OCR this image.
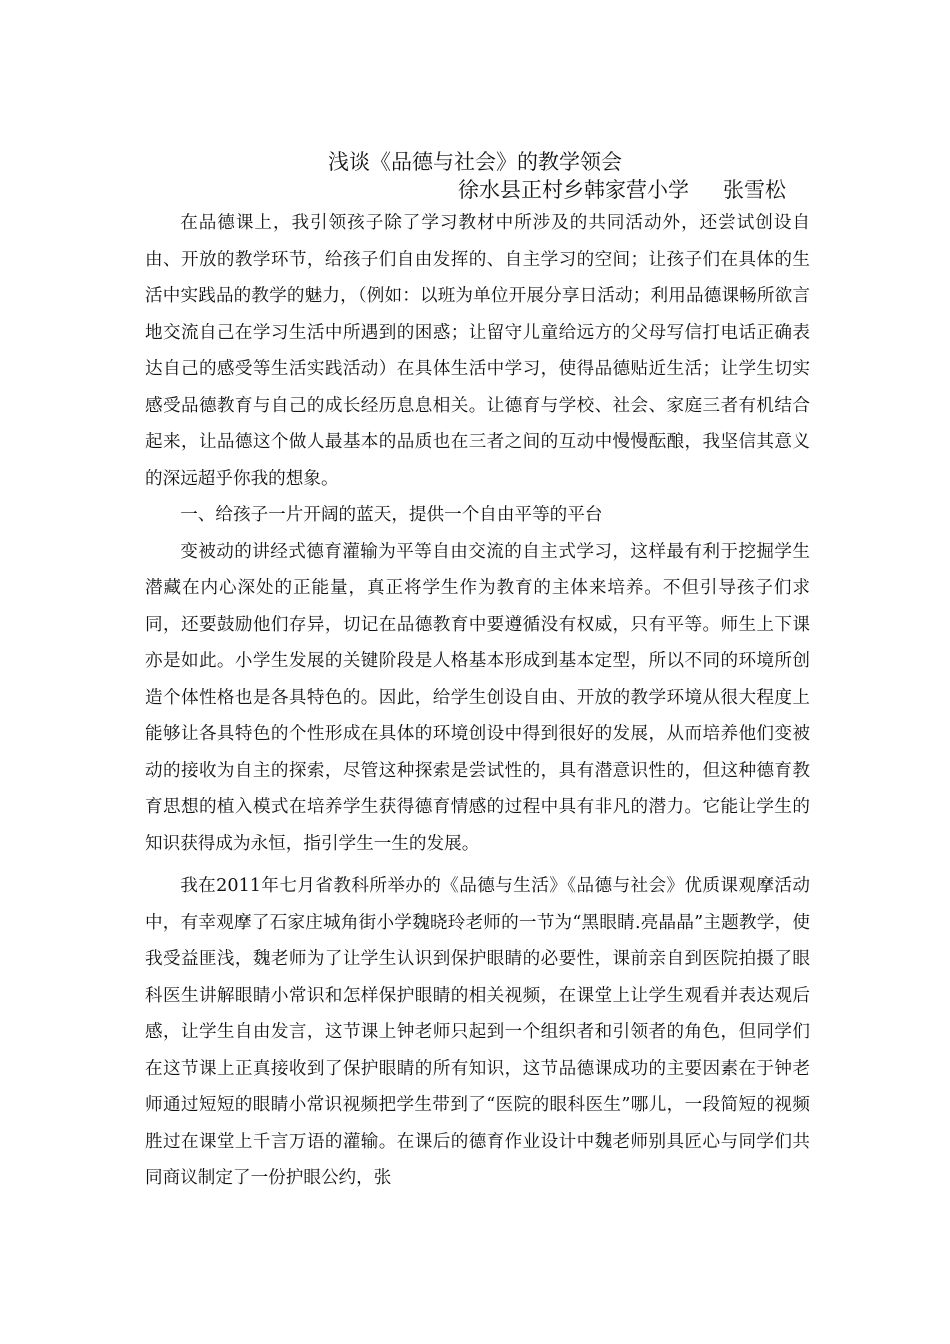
浅谈《品德与社会》的教学领会
徐水县正村乡韩家营小学 张雪松

在品德课上，我引领孩子除了学习教材中所涉及的共同活动外，还尝试创设自由、开放的教学环节，给孩子们自由发挥的、自主学习的空间；让孩子们在具体的生活中实践品的教学的魅力，（例如：以班为单位开展分享日活动；利用品德课畅所欲言地交流自己在学习生活中所遇到的困惑；让留守儿童给远方的父母写信打电话正确表达自己的感受等生活实践活动）在具体生活中学习，使得品德贴近生活；让学生切实感受品德教育与自己的成长经历息息相关。让德育与学校、社会、家庭三者有机结合起来，让品德这个做人最基本的品质也在三者之间的互动中慢慢酝酿，我坚信其意义的深远超乎你我的想象。

一、给孩子一片开阔的蓝天，提供一个自由平等的平台

变被动的讲经式德育灌输为平等自由交流的自主式学习，这样最有利于挖掘学生潜藏在内心深处的正能量，真正将学生作为教育的主体来培养。不但引导孩子们求同，还要鼓励他们存异，切记在品德教育中要遵循没有权威，只有平等。师生上下课亦是如此。小学生发展的关键阶段是人格基本形成到基本定型，所以不同的环境所创造个体性格也是各具特色的。因此，给学生创设自由、开放的教学环境从很大程度上能够让各具特色的个性形成在具体的环境创设中得到很好的发展，从而培养他们变被动的接收为自主的探索，尽管这种探索是尝试性的，具有潜意识性的，但这种德育教育思想的植入模式在培养学生获得德育情感的过程中具有非凡的潜力。它能让学生的知识获得成为永恒，指引学生一生的发展。

我在2011年七月省教科所举办的《品德与生活》《品德与社会》优质课观摩活动中，有幸观摩了石家庄城角街小学魏晓玲老师的一节为“黑眼睛.亮晶晶”主题教学，使我受益匪浅，魏老师为了让学生认识到保护眼睛的必要性，课前亲自到医院拍摄了眼科医生讲解眼睛小常识和怎样保护眼睛的相关视频，在课堂上让学生观看并表达观后感，让学生自由发言，这节课上钟老师只起到一个组织者和引领者的角色，但同学们在这节课上正真接收到了保护眼睛的所有知识，这节品德课成功的主要因素在于钟老师通过短短的眼睛小常识视频把学生带到了“医院的眼科医生”哪儿，一段简短的视频胜过在课堂上千言万语的灌输。在课后的德育作业设计中魏老师别具匠心与同学们共同商议制定了一份护眼公约，张
